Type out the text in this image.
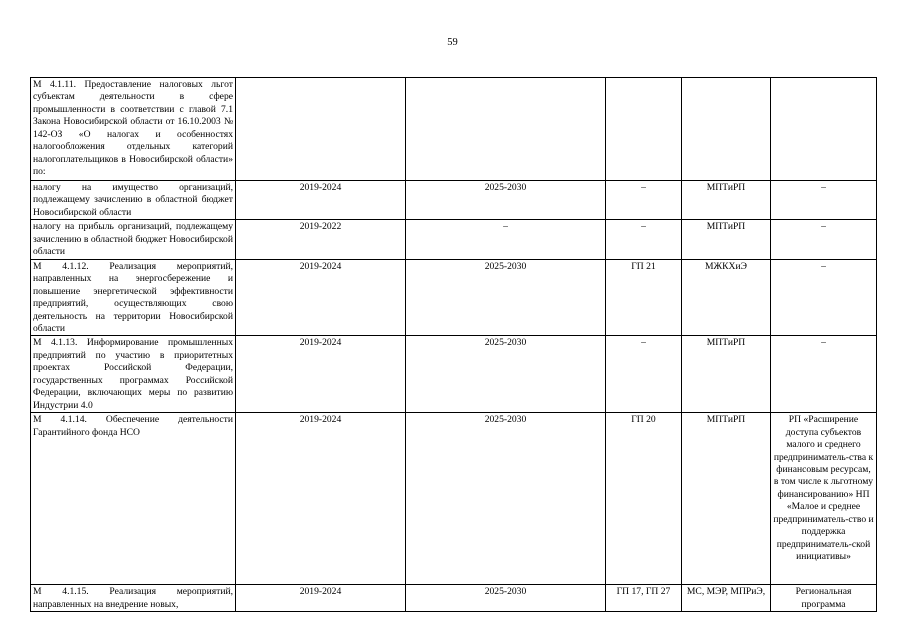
59
М 4.1.11. Предоставление налоговых льгот субъектам деятельности в сфере промышленности в соответствии с главой 7.1 Закона Новосибирской области от 16.10.2003 № 142-ОЗ «О налогах и особенностях налогообложения отдельных категорий налогоплательщиков в Новосибирской области» по:					
налогу на имущество организаций, подлежащему зачислению в областной бюджет Новосибирской области	2019-2024	2025-2030	–	МПТиРП	–
налогу на прибыль организаций, подлежащему зачислению в областной бюджет Новосибирской области	2019-2022	–	–	МПТиРП	–
М 4.1.12. Реализация мероприятий, направленных на энергосбережение и повышение энергетической эффективности предприятий, осуществляющих свою деятельность на территории Новосибирской области	2019-2024	2025-2030	ГП 21	МЖКХиЭ	–
М 4.1.13. Информирование промышленных предприятий по участию в приоритетных проектах Российской Федерации, государственных программах Российской Федерации, включающих меры по развитию Индустрии 4.0	2019-2024	2025-2030	–	МПТиРП	–
М 4.1.14. Обеспечение деятельности Гарантийного фонда НСО	2019-2024	2025-2030	ГП 20	МПТиРП	РП «Расширение доступа субъектов малого и среднего предприниматель-ства к финансовым ресурсам, в том числе к льготному финансированию» НП «Малое и среднее предприниматель-ство и поддержка предприниматель-ской инициативы»
М 4.1.15. Реализация мероприятий, направленных на внедрение новых,	2019-2024	2025-2030	ГП 17, ГП 27	МС, МЭР, МПРиЭ,	Региональная программа
